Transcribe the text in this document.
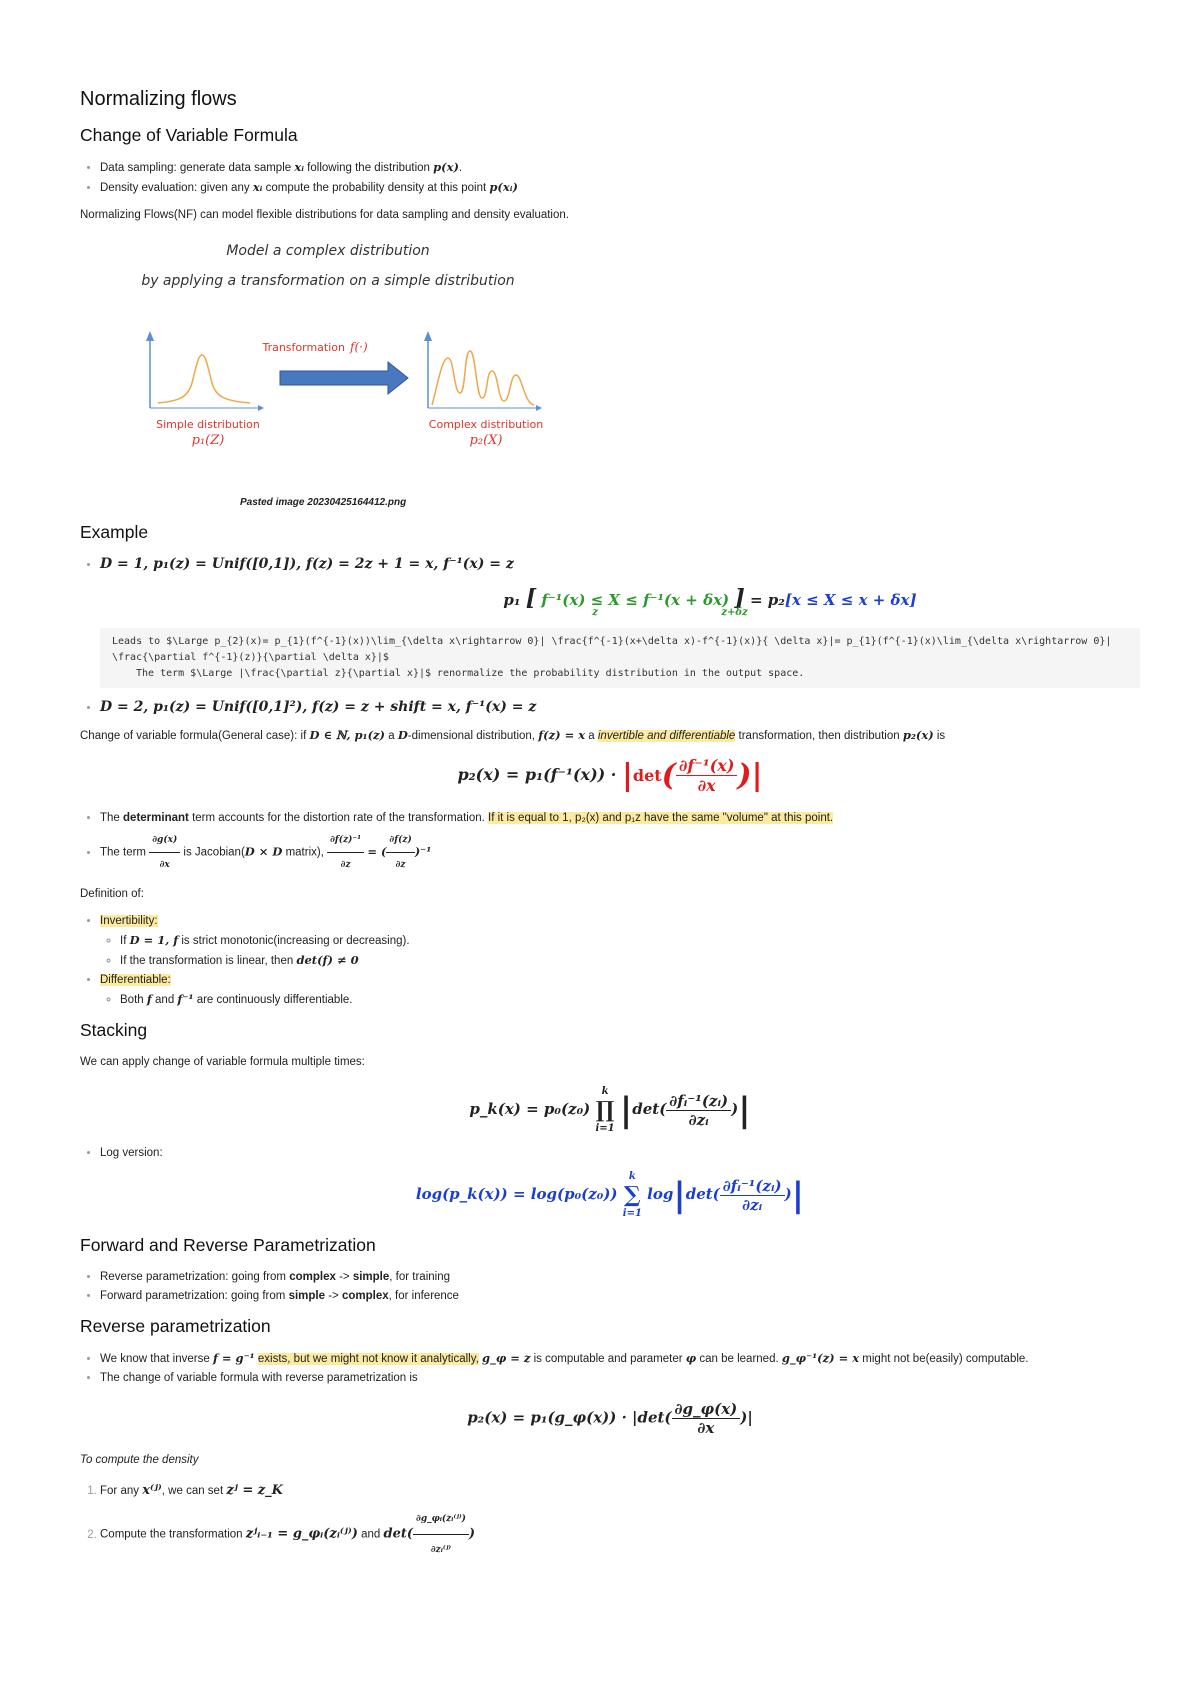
Normalizing flows
Change of Variable Formula
• Data sampling: generate data sample xᵢ following the distribution p(x).
• Density evaluation: given any xᵢ compute the probability density at this point p(xᵢ)

Normalizing Flows(NF) can model flexible distributions for data sampling and density evaluation.

Model a complex distribution
by applying a transformation on a simple distribution
Simple distribution
p₁(Z)
Transformation f(·)
Complex distribution
p₂(X)

Pasted image 20230425164412.png

Example
• D = 1, p₁(z) = Unif([0,1]), f(z) = 2z + 1 = x, f⁻¹(x) = z
p₁ [ f⁻¹(x) ≤ X ≤ f⁻¹(x + δx) ] = p₂[x ≤ X ≤ x + δx]
z	z+δz
Leads to $\Large p_{2}(x)= p_{1}(f^{-1}(x))\lim_{\delta x\rightarrow 0}| \frac{f^{-1}(x+\delta x)-f^{-1}(x)}{ \delta x}|= p_{1}(f^{-1}(x)\lim_{\delta x\rightarrow 0}| \frac{\partial f^{-1}(z)}{\partial \delta x}|$
The term $\Large |\frac{\partial z}{\partial x}|$ renormalize the probability distribution in the output space.
• D = 2, p₁(z) = Unif([0,1]²), f(z) = z + shift = x, f⁻¹(x) = z

Change of variable formula(General case): if D ∈ ℕ, p₁(z) a D-dimensional distribution, f(z) = x a invertible and differentiable transformation, then distribution p₂(x) is

$p_2(x) = p_1(f^{-1}(x)) \cdot |\det( \frac{\text{∂f⁻¹(x)}}{\partial x}$ )|
• The determinant term accounts for the distortion rate of the transformation. If it is equal to 1, p₂(x) and p₁z have the same "volume" at this point.
• The term $\frac{\partial g(x)}{\partial x}$ is Jacobian(D × D matrix), $\frac{\text{∂f(z)⁻¹}}{\partial z}$ = ( $\frac{\partial f(z)}{\partial z} )^{-1}$

Definition of:

• Invertibility:
◦ If D = 1, f is strict monotonic(increasing or decreasing).
◦ If the transformation is linear, then det(f) ≠ 0
• Differentiable:
◦ Both f and f⁻¹ are continuously differentiable.
Stacking

We can apply change of variable formula multiple times:

p_k(x) = p₀(z₀)
k
∏
i=1 $|\det( \frac{\text{∂fᵢ⁻¹(zᵢ)}}{\text{∂zᵢ}}$ )|
• Log version:
log(p_k(x)) = log(p₀(z₀))
k
∑
i=1
$\log|\det( \frac{\text{∂fᵢ⁻¹(zᵢ)}}{\text{∂zᵢ}}$ )|
Forward and Reverse Parametrization
• Reverse parametrization: going from complex -> simple, for training
• Forward parametrization: going from simple -> complex, for inference
Reverse parametrization
• We know that inverse f = g⁻¹ exists, but we might not know it analytically, g_φ = z is computable and parameter φ can be learned. g_φ⁻¹(z) = x might not be(easily) computable.
• The change of variable formula with reverse parametrization is
p₂(x) = p₁(g_φ(x)) · $|\det( \frac{\partial g\_\varphi(x)}{\partial x}$ )|

To compute the density

1. For any x⁽ʲ⁾, we can set zʲ = z_K
2. Compute the transformation zʲᵢ₋₁ = g_φᵢ(zᵢ⁽ʲ⁾) and $\det( \frac{\text{∂g\_φᵢ(zᵢ⁽ʲ⁾)}}{\text{∂zᵢ⁽ʲ⁾}}$ )
